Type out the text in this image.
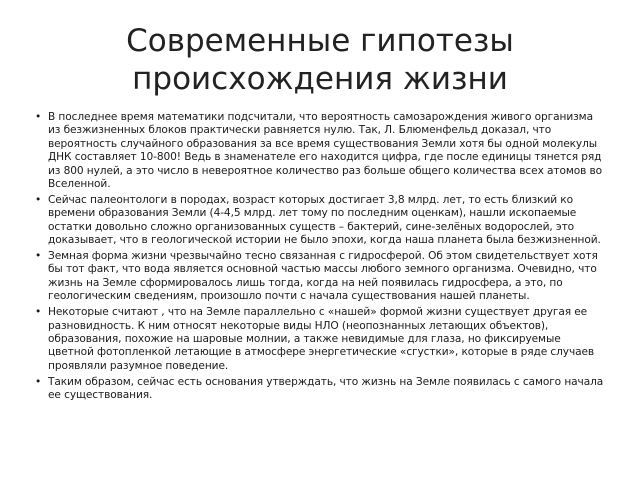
Современные гипотезы происхождения жизни
• В последнее время математики подсчитали, что вероятность самозарождения живого организма из безжизненных блоков практически равняется нулю. Так, Л. Блюменфельд доказал, что вероятность случайного образования за все время существования Земли хотя бы одной молекулы ДНК составляет 10-800! Ведь в знаменателе его находится цифра, где после единицы тянется ряд из 800 нулей, а это число в невероятное количество раз больше общего количества всех атомов во Вселенной.
• Сейчас палеонтологи в породах, возраст которых достигает 3,8 млрд. лет, то есть близкий ко времени образования Земли (4-4,5 млрд. лет тому по последним оценкам), нашли ископаемые остатки довольно сложно организованных существ – бактерий, сине-зелёных водорослей, это доказывает, что в геологической истории не было эпохи, когда наша планета была безжизненной.
• Земная форма жизни чрезвычайно тесно связанная с гидросферой. Об этом свидетельствует хотя бы тот факт, что вода является основной частью массы любого земного организма. Очевидно, что жизнь на Земле сформировалось лишь тогда, когда на ней появилась гидросфера, а это, по геологическим сведениям, произошло почти с начала существования нашей планеты.
• Некоторые считают , что на Земле параллельно с «нашей» формой жизни существует другая ее разновидность. К ним относят некоторые виды НЛО (неопознанных летающих объектов), образования, похожие на шаровые молнии, а также невидимые для глаза, но фиксируемые цветной фотопленкой летающие в атмосфере энергетические «сгустки», которые в ряде случаев проявляли разумное поведение.
• Таким образом, сейчас есть основания утверждать, что жизнь на Земле появилась с самого начала ее существования.
